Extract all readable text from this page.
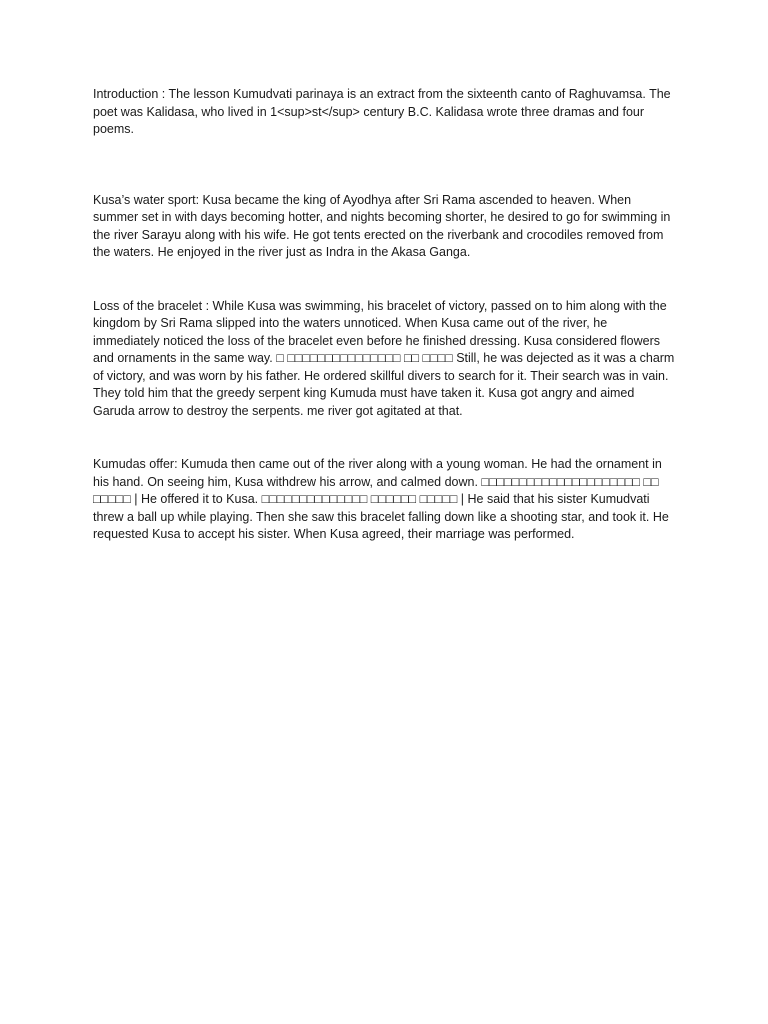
Introduction : The lesson Kumudvati parinaya is an extract from the sixteenth canto of Raghuvamsa. The poet was Kalidasa, who lived in 1<sup>st</sup> century B.C. Kalidasa wrote three dramas and four poems.

Kusa’s water sport: Kusa became the king of Ayodhya after Sri Rama ascended to heaven. When summer set in with days becoming hotter, and nights becoming shorter, he desired to go for swimming in the river Sarayu along with his wife. He got tents erected on the riverbank and crocodiles removed from the waters. He enjoyed in the river just as Indra in the Akasa Ganga.

Loss of the bracelet : While Kusa was swimming, his bracelet of victory, passed on to him along with the kingdom by Sri Rama slipped into the waters unnoticed. When Kusa came out of the river, he immediately noticed the loss of the bracelet even before he finished dressing. Kusa considered flowers and ornaments in the same way. □ □□□□□□□□□□□□□□□ □□ □□□□ Still, he was dejected as it was a charm of victory, and was worn by his father. He ordered skillful divers to search for it. Their search was in vain. They told him that the greedy serpent king Kumuda must have taken it. Kusa got angry and aimed Garuda arrow to destroy the serpents. me river got agitated at that.

Kumudas offer: Kumuda then came out of the river along with a young woman. He had the ornament in his hand. On seeing him, Kusa withdrew his arrow, and calmed down. □□□□□□□□□□□□□□□□□□□□□ □□ □□□□□ | He offered it to Kusa. □□□□□□□□□□□□□□ □□□□□□ □□□□□ | He said that his sister Kumudvati threw a ball up while playing. Then she saw this bracelet falling down like a shooting star, and took it. He requested Kusa to accept his sister. When Kusa agreed, their marriage was performed.
